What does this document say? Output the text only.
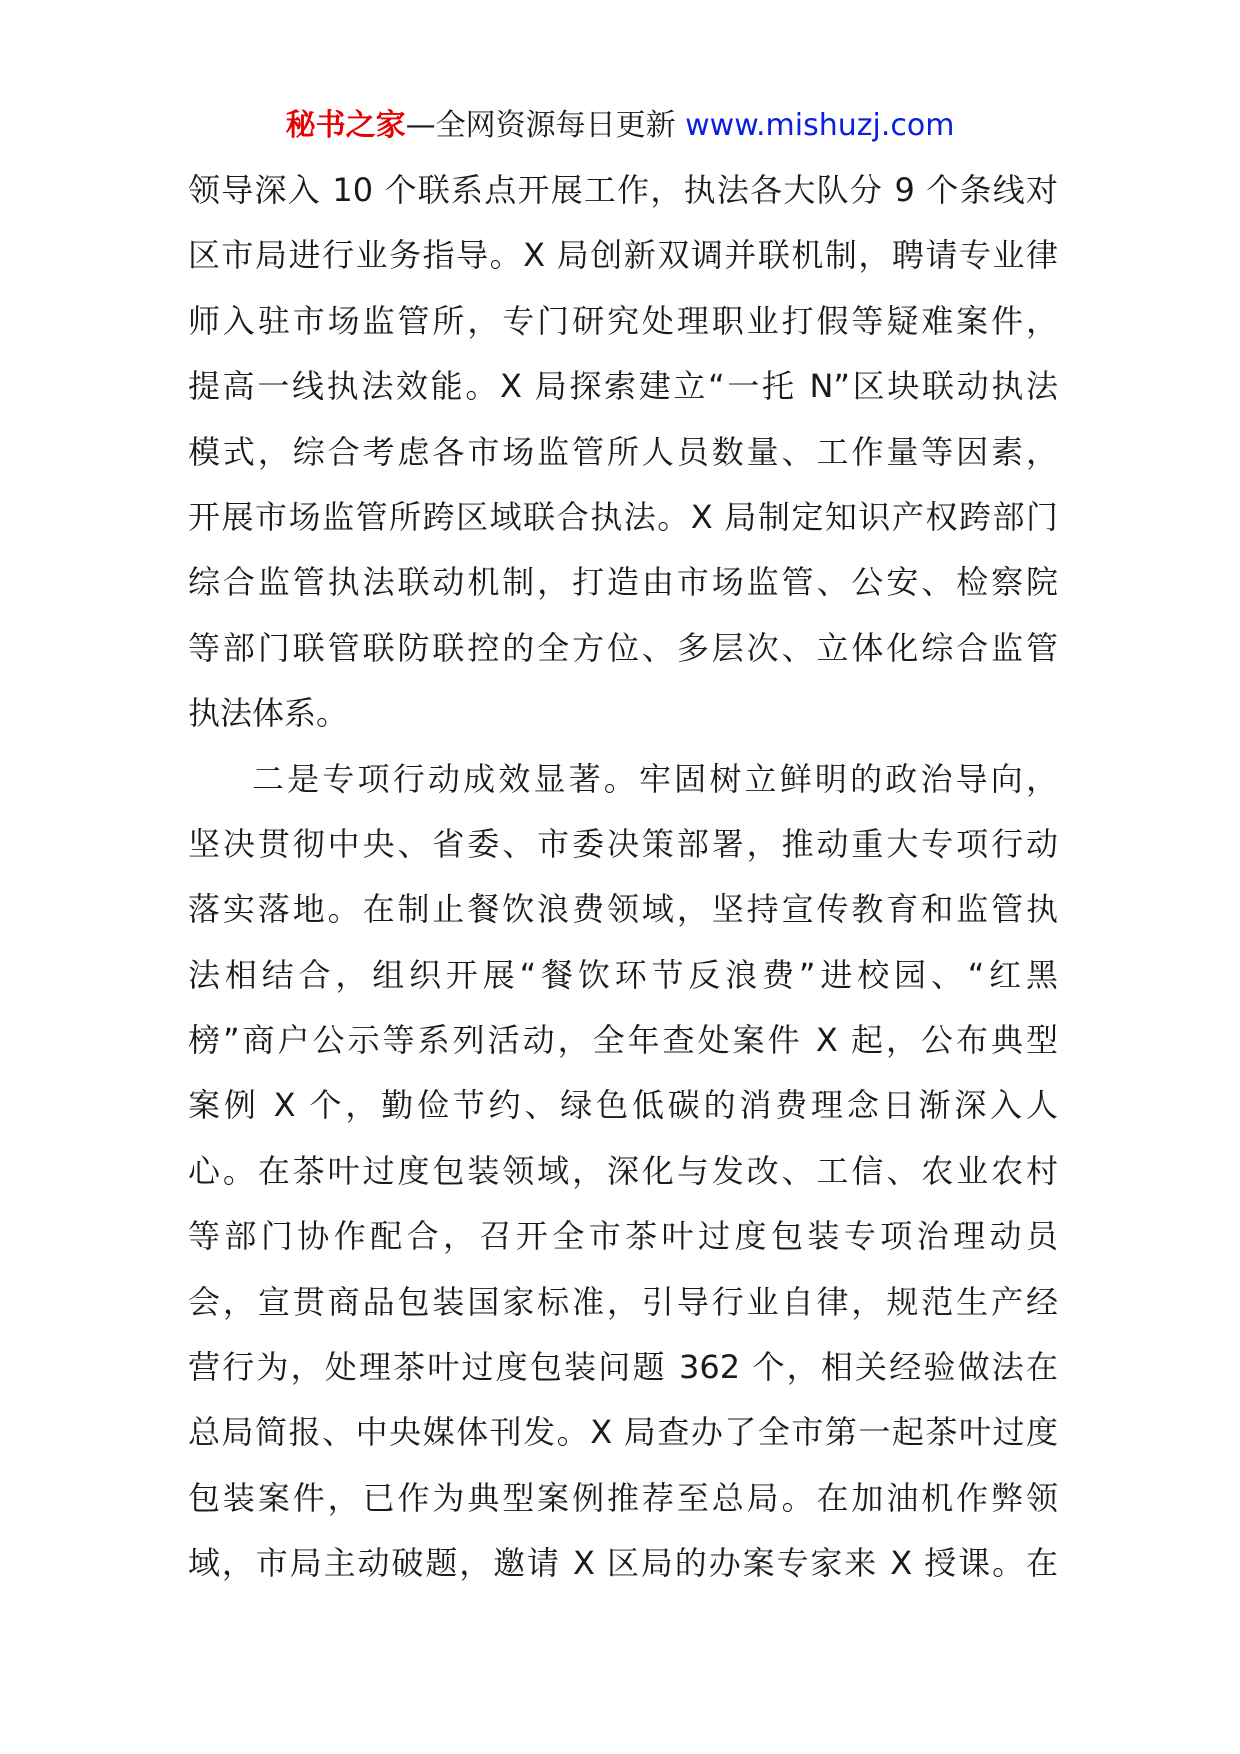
秘书之家—全网资源每日更新 www.mishuzj.com
领导深入 10 个联系点开展工作，执法各大队分 9 个条线对
区市局进行业务指导。X 局创新双调并联机制，聘请专业律
师入驻市场监管所，专门研究处理职业打假等疑难案件，
提高一线执法效能。X 局探索建立“一托 N”区块联动执法
模式，综合考虑各市场监管所人员数量、工作量等因素，
开展市场监管所跨区域联合执法。X 局制定知识产权跨部门
综合监管执法联动机制，打造由市场监管、公安、检察院
等部门联管联防联控的全方位、多层次、立体化综合监管
执法体系。
二是专项行动成效显著。牢固树立鲜明的政治导向，
坚决贯彻中央、省委、市委决策部署，推动重大专项行动
落实落地。在制止餐饮浪费领域，坚持宣传教育和监管执
法相结合，组织开展“餐饮环节反浪费”进校园、“红黑
榜”商户公示等系列活动，全年查处案件 X 起，公布典型
案例 X 个，勤俭节约、绿色低碳的消费理念日渐深入人
心。在茶叶过度包装领域，深化与发改、工信、农业农村
等部门协作配合，召开全市茶叶过度包装专项治理动员
会，宣贯商品包装国家标准，引导行业自律，规范生产经
营行为，处理茶叶过度包装问题 362 个，相关经验做法在
总局简报、中央媒体刊发。X 局查办了全市第一起茶叶过度
包装案件，已作为典型案例推荐至总局。在加油机作弊领
域，市局主动破题，邀请 X 区局的办案专家来 X 授课。在
